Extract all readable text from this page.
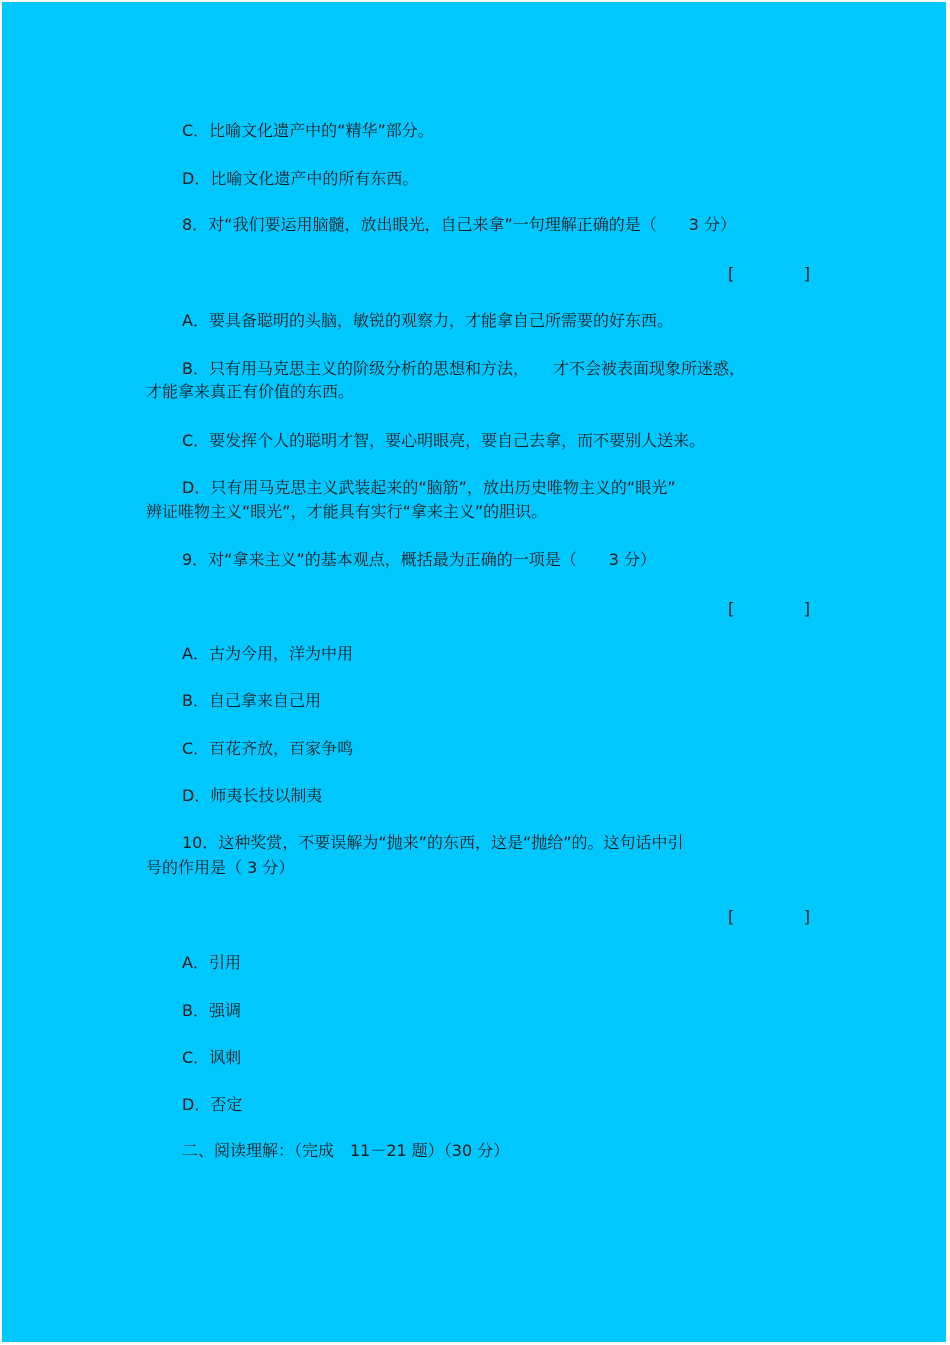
C．比喻文化遗产中的“精华”部分。
D．比喻文化遗产中的所有东西。
8．对“我们要运用脑髓，放出眼光，自己来拿”一句理解正确的是（　　3 分）
[	]
A．要具备聪明的头脑，敏锐的观察力，才能拿自己所需要的好东西。
B．只有用马克思主义的阶级分析的思想和方法，　　才不会被表面现象所迷惑，
才能拿来真正有价值的东西。
C．要发挥个人的聪明才智，要心明眼亮，要自己去拿，而不要别人送来。
D．只有用马克思主义武装起来的“脑筋”，放出历史唯物主义的“眼光”
辨证唯物主义“眼光”，才能具有实行“拿来主义”的胆识。
9．对“拿来主义”的基本观点，概括最为正确的一项是（　　3 分）
[	]
A．古为今用，洋为中用
B．自己拿来自己用
C．百花齐放，百家争鸣
D．师夷长技以制夷
10．这种奖赏，不要误解为“抛来”的东西，这是“抛给”的。这句话中引
号的作用是（ 3 分）
[	]
A．引用
B．强调
C．讽刺
D．否定
二、阅读理解：（完成　11－21 题）（30 分）
